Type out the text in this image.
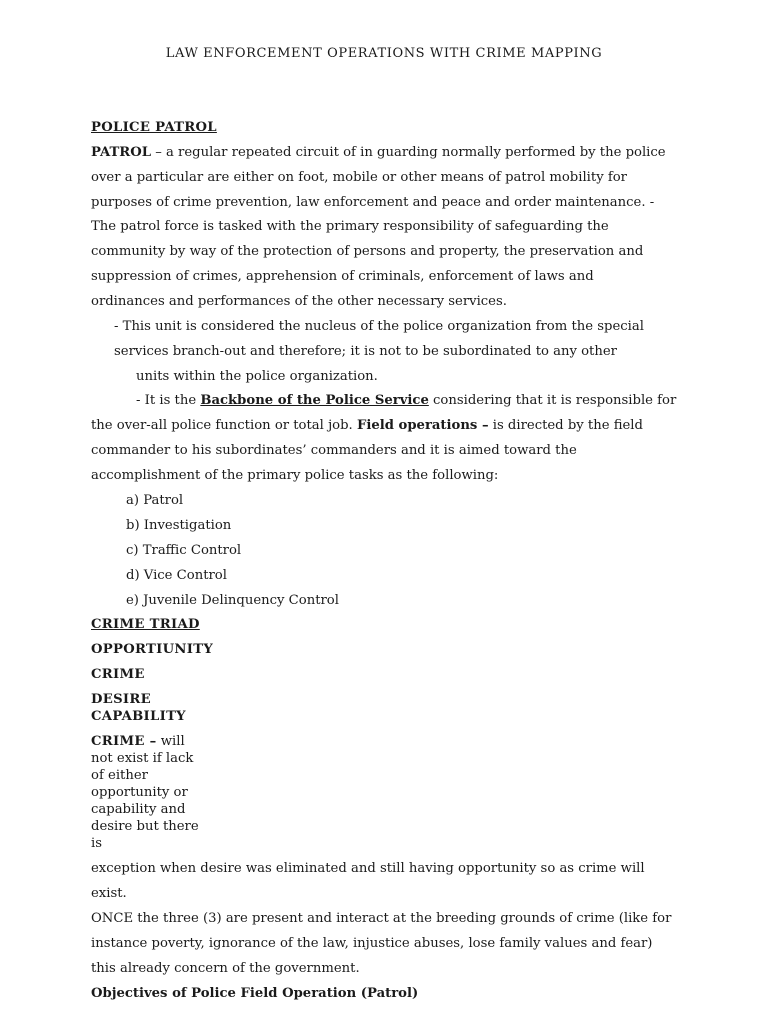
LAW ENFORCEMENT OPERATIONS WITH CRIME MAPPING
POLICE PATROL
PATROL – a regular repeated circuit of in guarding normally performed by the police
over a particular are either on foot, mobile or other means of patrol mobility for
purposes of crime prevention, law enforcement and peace and order maintenance. -
The patrol force is tasked with the primary responsibility of safeguarding the
community by way of the protection of persons and property, the preservation and
suppression of crimes, apprehension of criminals, enforcement of laws and
ordinances and performances of the other necessary services.
- This unit is considered the nucleus of the police organization from the special
services branch-out and therefore; it is not to be subordinated to any other
units within the police organization.
- It is the Backbone of the Police Service considering that it is responsible for
the over-all police function or total job. Field operations – is directed by the field
commander to his subordinates’ commanders and it is aimed toward the
accomplishment of the primary police tasks as the following:
a) Patrol
b) Investigation
c) Traffic Control
d) Vice Control
e) Juvenile Delinquency Control
CRIME TRIAD
OPPORTIUNITY
CRIME
DESIRE
CAPABILITY
CRIME – will
not exist if lack
of either
opportunity or
capability and
desire but there
is
exception when desire was eliminated and still having opportunity so as crime will
exist.
ONCE the three (3) are present and interact at the breeding grounds of crime (like for
instance poverty, ignorance of the law, injustice abuses, lose family values and fear)
this already concern of the government.
Objectives of Police Field Operation (Patrol)
